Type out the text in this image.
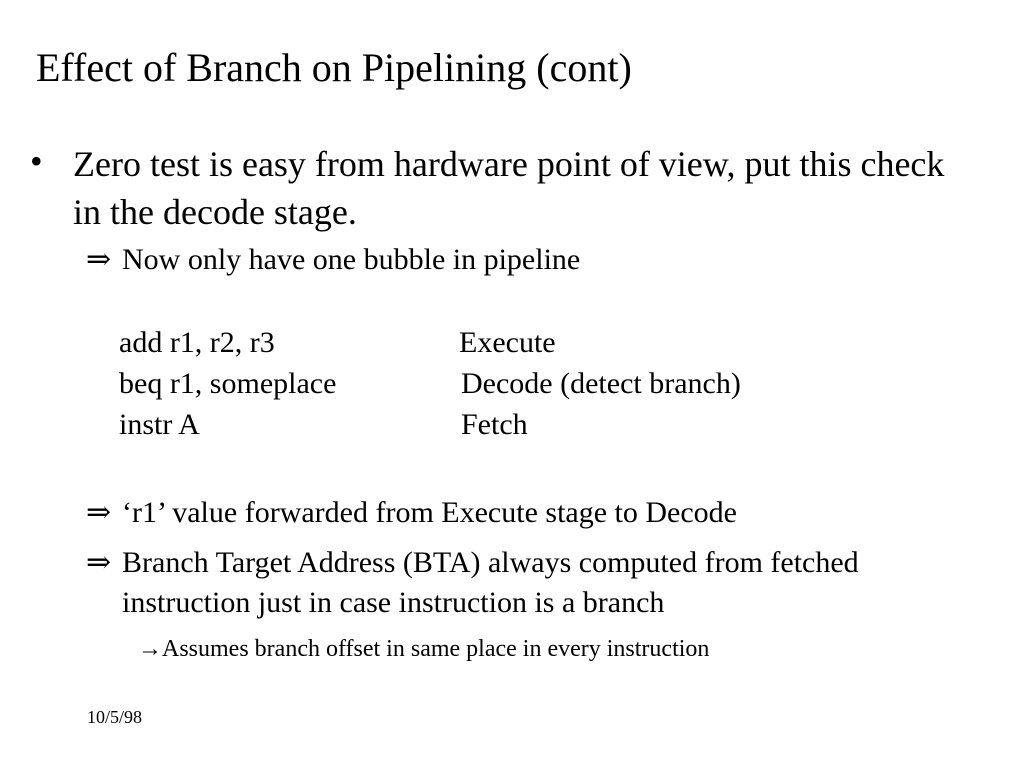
Effect of Branch on Pipelining (cont)
• Zero test is easy from hardware point of view, put this check in the decode stage.
⇒ Now only have one bubble in pipeline
add r1, r2, r3	Execute
beq r1, someplace	Decode (detect branch)
instr A	Fetch
⇒ ‘r1’ value forwarded from Execute stage to Decode
⇒ Branch Target Address (BTA) always computed from fetched instruction just in case instruction is a branch
→Assumes branch offset in same place in every instruction
10/5/98
